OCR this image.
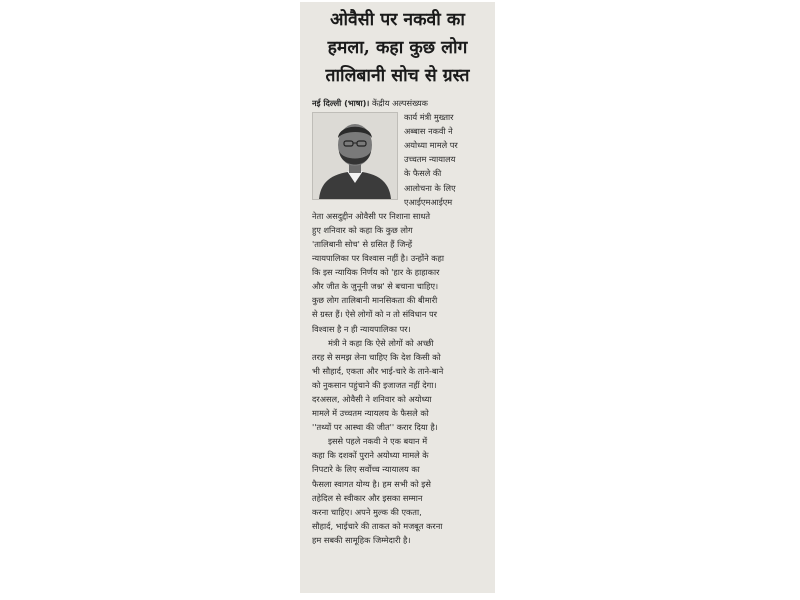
ओवैसी पर नकवी का
हमला, कहा कुछ लोग
तालिबानी सोच से ग्रस्त
नई दिल्ली (भाषा)। केंद्रीय अल्पसंख्यक
कार्य मंत्री मुख्तार
अब्बास नकवी ने
अयोध्या मामले पर
उच्चतम न्यायालय
के फैसले की
आलोचना के लिए
एआईएमआईएम
नेता असदुद्दीन ओवैसी पर निशाना साधते
हुए शनिवार को कहा कि कुछ लोग
'तालिबानी सोच' से ग्रसित हैं जिन्हें
न्यायपालिका पर विश्वास नहीं है। उन्होंने कहा
कि इस न्यायिक निर्णय को 'हार के हाहाकार
और जीत के जुनूनी जश्न' से बचाना चाहिए।
कुछ लोग तालिबानी मानसिकता की बीमारी
से ग्रस्त हैं। ऐसे लोगों को न तो संविधान पर
विश्वास है न ही न्यायपालिका पर।
मंत्री ने कहा कि ऐसे लोगों को अच्छी
तरह से समझ लेना चाहिए कि देश किसी को
भी सौहार्द, एकता और भाई-चारे के ताने-बाने
को नुकसान पहुंचाने की इजाजत नहीं देगा।
दरअसल, ओवैसी ने शनिवार को अयोध्या
मामले में उच्चतम न्यायलय के फैसले को
''तथ्यों पर आस्था की जीत'' करार दिया है।
इससे पहले नकवी ने एक बयान में
कहा कि दशकों पुराने अयोध्या मामले के
निपटारे के लिए सर्वोच्च न्यायालय का
फैसला स्वागत योग्य है। हम सभी को इसे
तहेदिल से स्वीकार और इसका सम्मान
करना चाहिए। अपने मुल्क की एकता,
सौहार्द, भाईचारे की ताकत को मजबूत करना
हम सबकी सामूहिक जिम्मेदारी है।
